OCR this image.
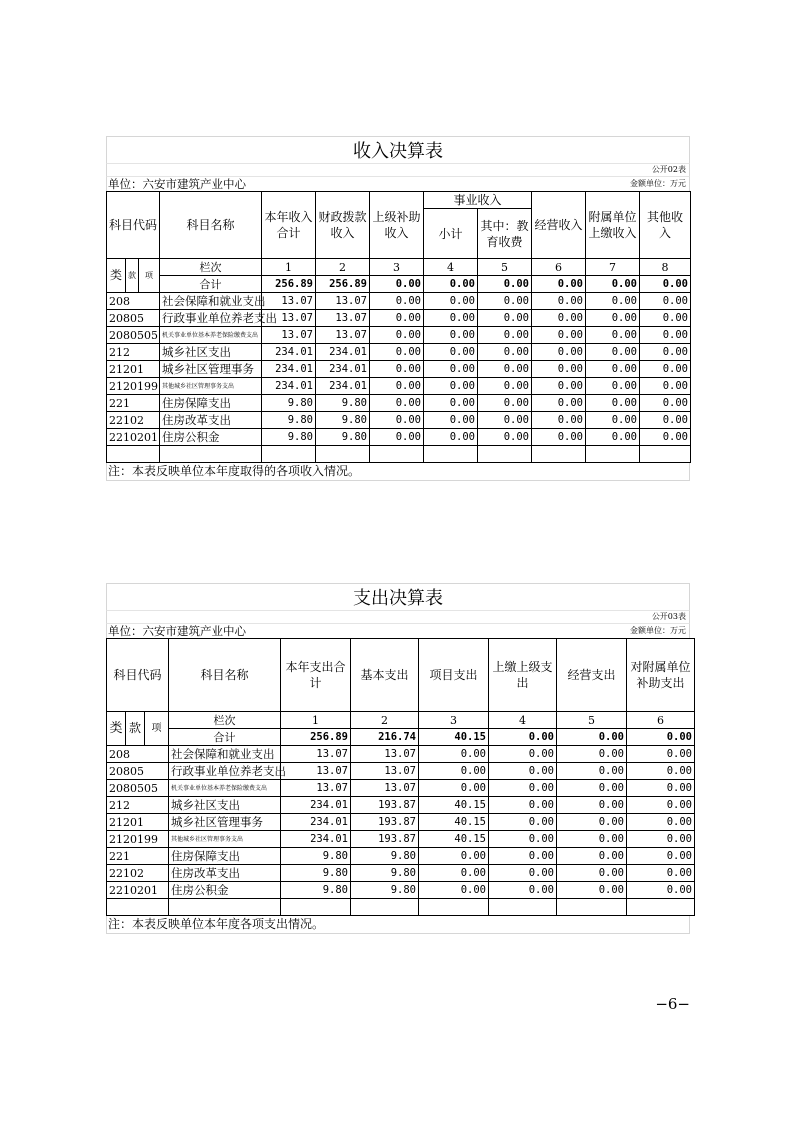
收入决算表
公开02表
单位：六安市建筑产业中心	金额单位：万元
科目代码			科目名称	本年收入合计	财政拨款收入	上级补助收入	事业收入		经营收入	附属单位上缴收入	其他收入
							小计	其中：教育收费			
类	款	项	栏次	1	2	3	4	5	6	7	8
			合计	256.89	256.89	0.00	0.00	0.00	0.00	0.00	0.00
208			社会保障和就业支出	13.07	13.07	0.00	0.00	0.00	0.00	0.00	0.00
20805			行政事业单位养老支出	13.07	13.07	0.00	0.00	0.00	0.00	0.00	0.00
2080505			机关事业单位基本养老保险缴费支出	13.07	13.07	0.00	0.00	0.00	0.00	0.00	0.00
212			城乡社区支出	234.01	234.01	0.00	0.00	0.00	0.00	0.00	0.00
21201			城乡社区管理事务	234.01	234.01	0.00	0.00	0.00	0.00	0.00	0.00
2120199			其他城乡社区管理事务支出	234.01	234.01	0.00	0.00	0.00	0.00	0.00	0.00
221			住房保障支出	9.80	9.80	0.00	0.00	0.00	0.00	0.00	0.00
22102			住房改革支出	9.80	9.80	0.00	0.00	0.00	0.00	0.00	0.00
2210201			住房公积金	9.80	9.80	0.00	0.00	0.00	0.00	0.00	0.00

注：本表反映单位本年度取得的各项收入情况。
支出决算表
公开03表
单位：六安市建筑产业中心	金额单位：万元
科目代码			科目名称	本年支出合计	基本支出	项目支出	上缴上级支出	经营支出	对附属单位补助支出
类	款	项	栏次	1	2	3	4	5	6
			合计	256.89	216.74	40.15	0.00	0.00	0.00
208			社会保障和就业支出	13.07	13.07	0.00	0.00	0.00	0.00
20805			行政事业单位养老支出	13.07	13.07	0.00	0.00	0.00	0.00
2080505			机关事业单位基本养老保险缴费支出	13.07	13.07	0.00	0.00	0.00	0.00
212			城乡社区支出	234.01	193.87	40.15	0.00	0.00	0.00
21201			城乡社区管理事务	234.01	193.87	40.15	0.00	0.00	0.00
2120199			其他城乡社区管理事务支出	234.01	193.87	40.15	0.00	0.00	0.00
221			住房保障支出	9.80	9.80	0.00	0.00	0.00	0.00
22102			住房改革支出	9.80	9.80	0.00	0.00	0.00	0.00
2210201			住房公积金	9.80	9.80	0.00	0.00	0.00	0.00

注：本表反映单位本年度各项支出情况。
−6−
